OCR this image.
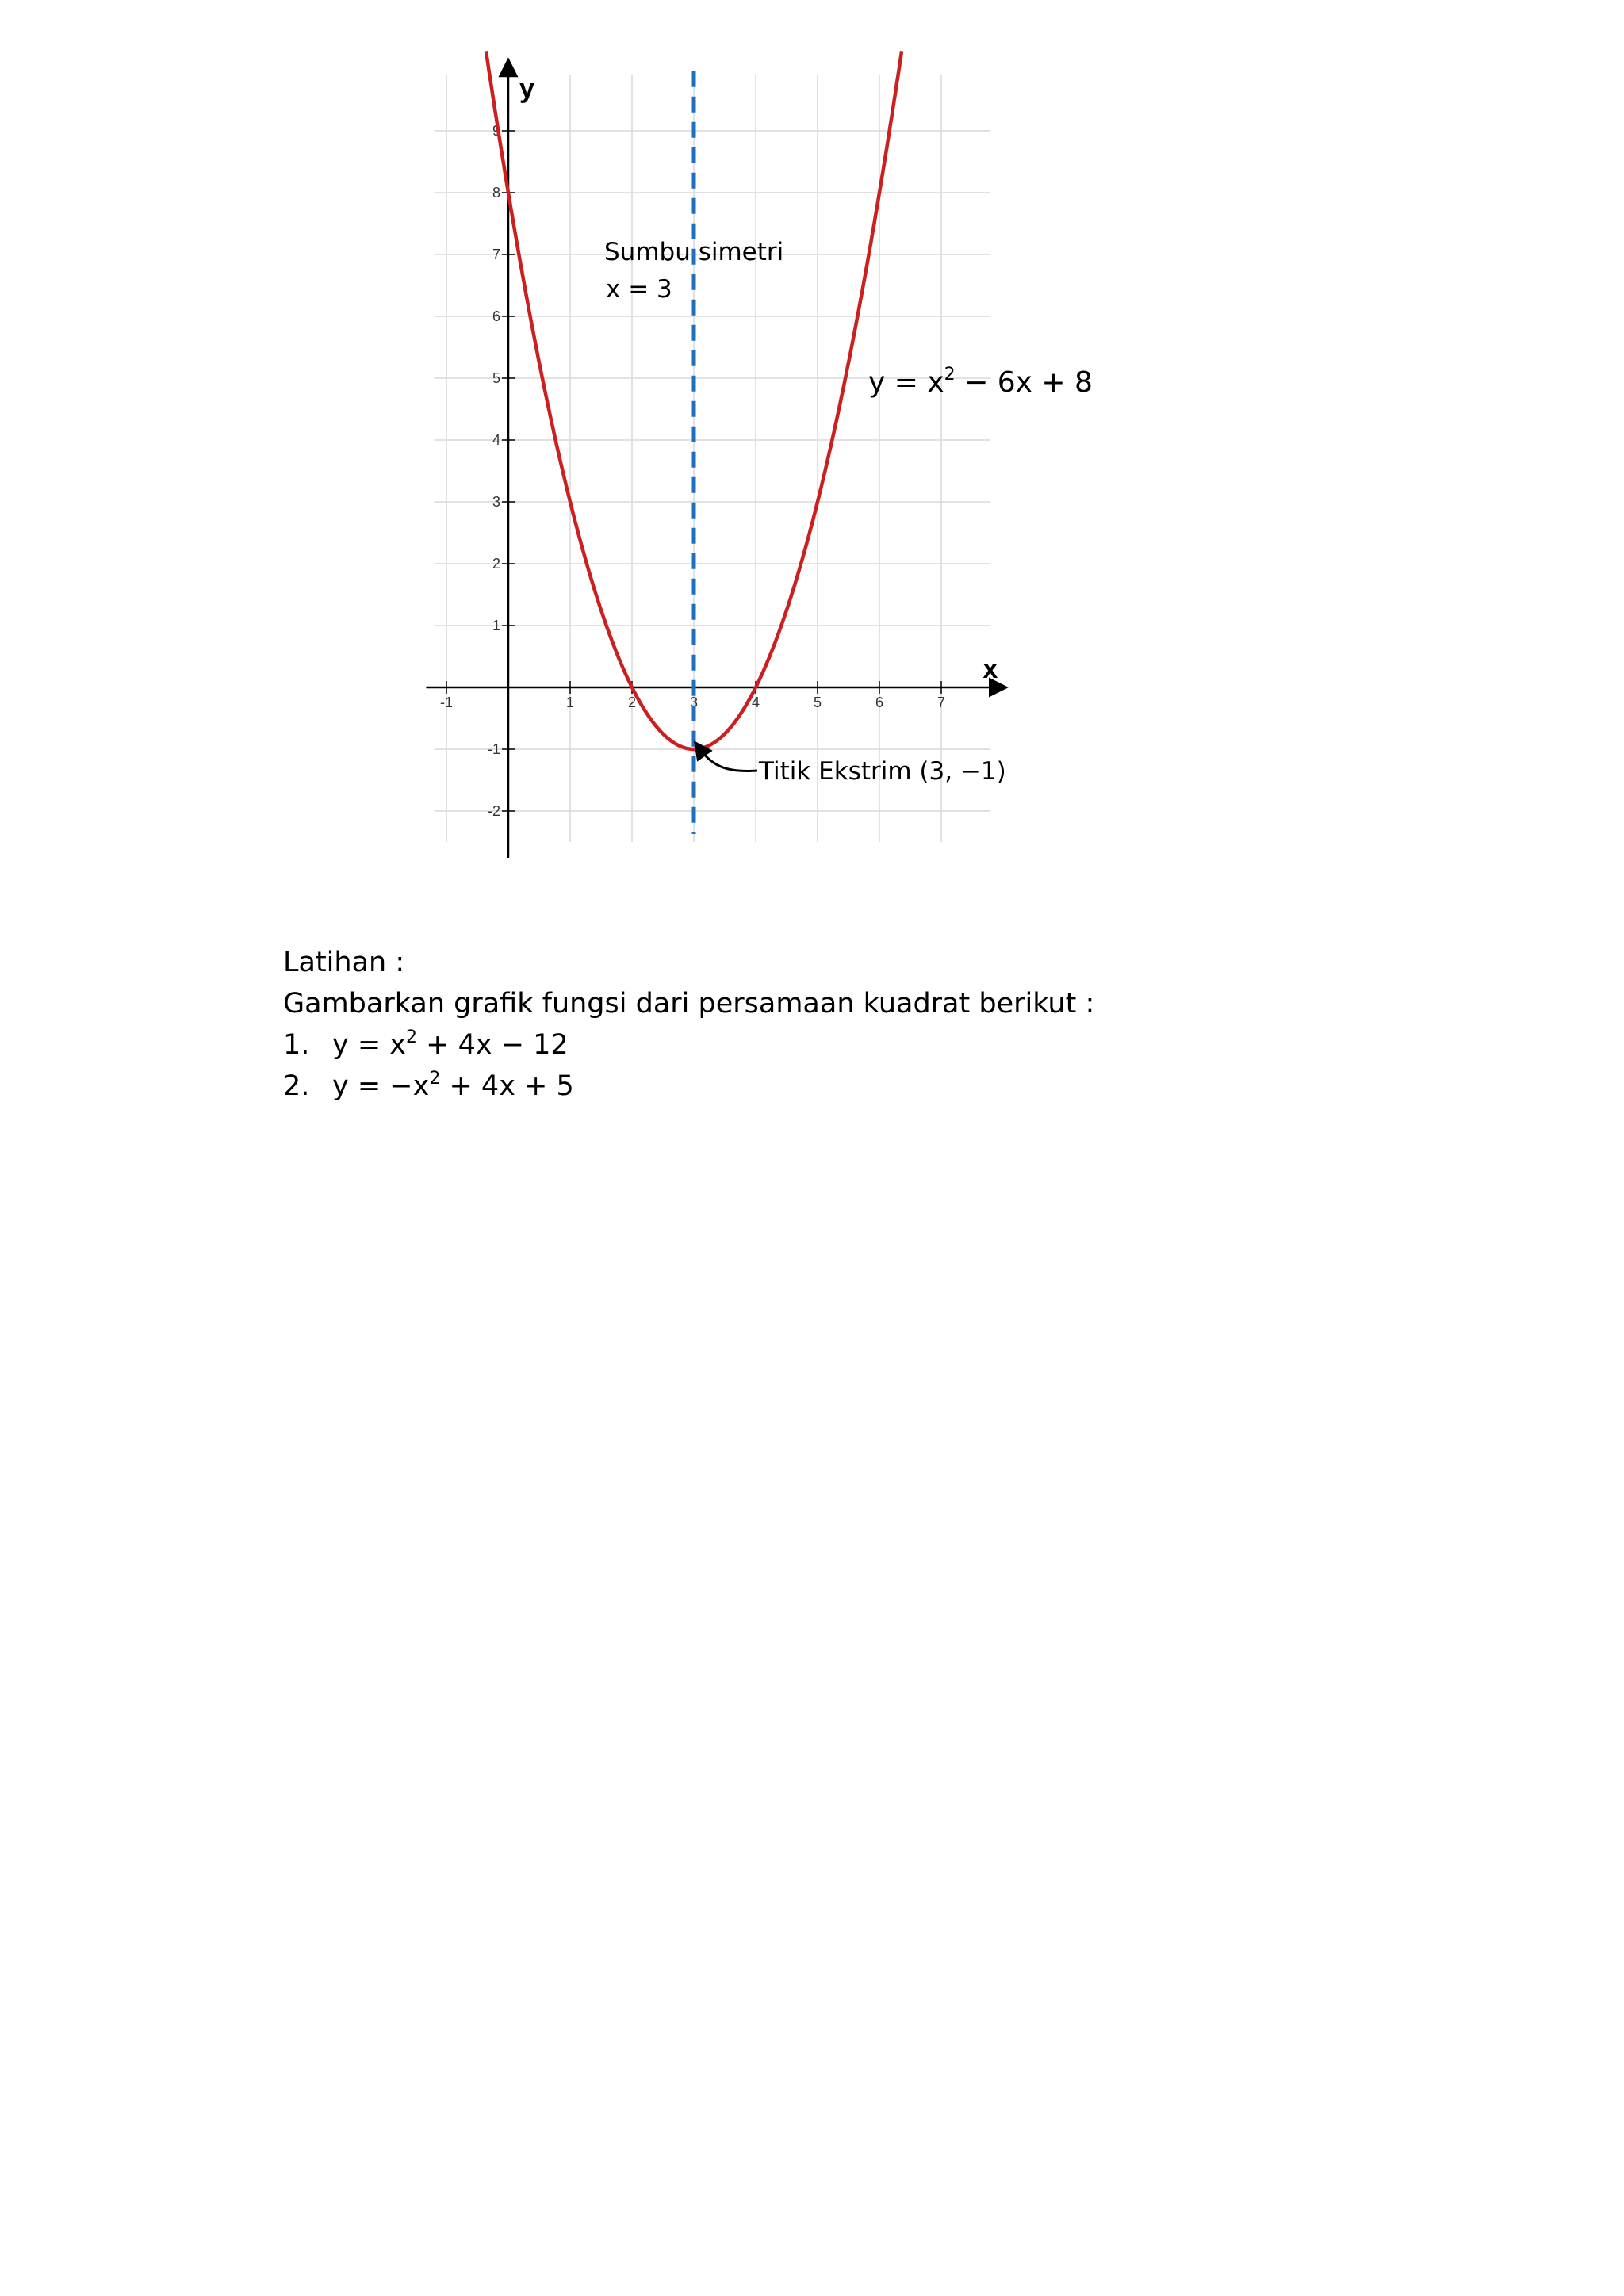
-1	1	2	3	4	5	6	7
9
8
7
6
5
4
3
2
1
-1
-2
x
y
Sumbu simetri
x = 3
$y = x^2 - 6x + 8$
Titik Ekstrim (3, −1)
Latihan :
Gambarkan grafik fungsi dari persamaan kuadrat berikut :
1. $y = x^2 + 4x - 12$
2. $y = -x^2 + 4x + 5$
